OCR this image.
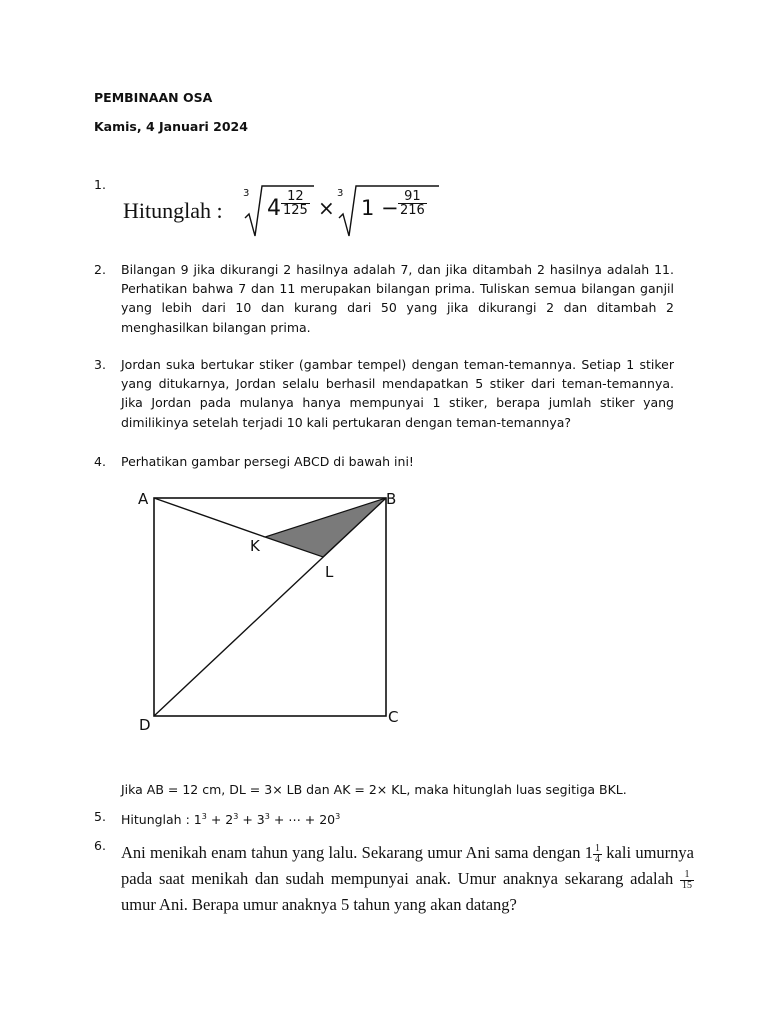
PEMBINAAN OSA
Kamis, 4 Januari 2024
1.
Hitunglah :
3
$4 \frac{12}{125}$ ×
3
$1 - \frac{91}{216}$
2. Bilangan 9 jika dikurangi 2 hasilnya adalah 7, dan jika ditambah 2 hasilnya adalah 11. Perhatikan bahwa 7 dan 11 merupakan bilangan prima. Tuliskan semua bilangan ganjil yang lebih dari 10 dan kurang dari 50 yang jika dikurangi 2 dan ditambah 2 menghasilkan bilangan prima.
3. Jordan suka bertukar stiker (gambar tempel) dengan teman-temannya. Setiap 1 stiker yang ditukarnya, Jordan selalu berhasil mendapatkan 5 stiker dari teman-temannya. Jika Jordan pada mulanya hanya mempunyai 1 stiker, berapa jumlah stiker yang dimilikinya setelah terjadi 10 kali pertukaran dengan teman-temannya?
4. Perhatikan gambar persegi ABCD di bawah ini!
A	B
C
D
K
L
Jika AB = 12 cm, DL = 3× LB dan AK = 2× KL, maka hitunglah luas segitiga BKL.
5. Hitunglah : $1^3 + 2^3 + 3^3$ + ⋯ + $20^3$
6. Ani menikah enam tahun yang lalu. Sekarang umur Ani sama dengan $1 \frac{1}{4}$ kali umurnya pada saat menikah dan sudah mempunyai anak. Umur anaknya sekarang adalah $\frac{1}{15}$
umur Ani. Berapa umur anaknya 5 tahun yang akan datang?
